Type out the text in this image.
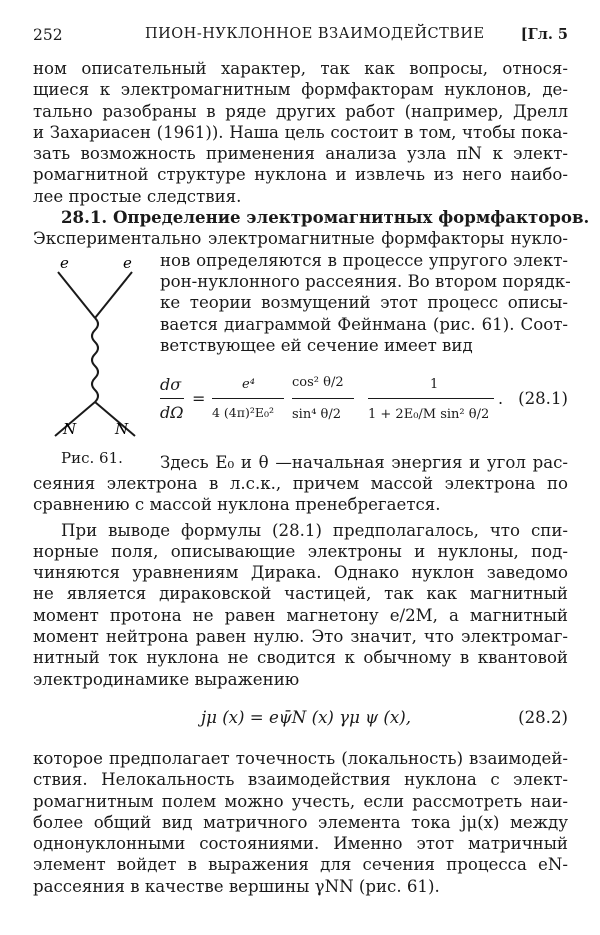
252	ПИОН-НУКЛОННОЕ ВЗАИМОДЕЙСТВИЕ [Гл. 5
ном описательный характер, так как вопросы, относя-
щиеся к электромагнитным формфакторам нуклонов, де-
тально разобраны в ряде других работ (например, Дрелл
и Захариасен (1961)). Наша цель состоит в том, чтобы пока-
зать возможность применения анализа узла πN к элект-
ромагнитной структуре нуклона и извлечь из него наибо-
лее простые следствия.
28.1. Определение электромагнитных формфакторов.
Экспериментально электромагнитные формфакторы нукло-
e	e
N	N
Рис. 61.
нов определяются в процессе упругого элект-
рон-нуклонного рассеяния. Во втором порядк-
ке теории возмущений этот процесс описы-
вается диаграммой Фейнмана (рис. 61). Соот-
ветствующее ей сечение имеет вид
dσ
dΩ
=
e⁴
4 (4π)²E₀²
cos² θ/2
sin⁴ θ/2
1
1 + 2E₀/M sin² θ/2
. (28.1)
Здесь E₀ и θ —начальная энергия и угол рас-
сеяния электрона в л.с.к., причем массой электрона по
сравнению с массой нуклона пренебрегается.
При выводе формулы (28.1) предполагалось, что спи-
норные поля, описывающие электроны и нуклоны, под-
чиняются уравнениям Дирака. Однако нуклон заведомо
не является дираковской частицей, так как магнитный
момент протона не равен магнетону e/2M, а магнитный
момент нейтрона равен нулю. Это значит, что электромаг-
нитный ток нуклона не сводится к обычному в квантовой
электродинамике выражению
jμ (x) = eψ̄N (x) γμ ψ (x),	(28.2)
которое предполагает точечность (локальность) взаимодей-
ствия. Нелокальность взаимодействия нуклона с элект-
ромагнитным полем можно учесть, если рассмотреть наи-
более общий вид матричного элемента тока jμ(x) между
однонуклонными состояниями. Именно этот матричный
элемент войдет в выражения для сечения процесса eN-
рассеяния в качестве вершины γNN (рис. 61).
